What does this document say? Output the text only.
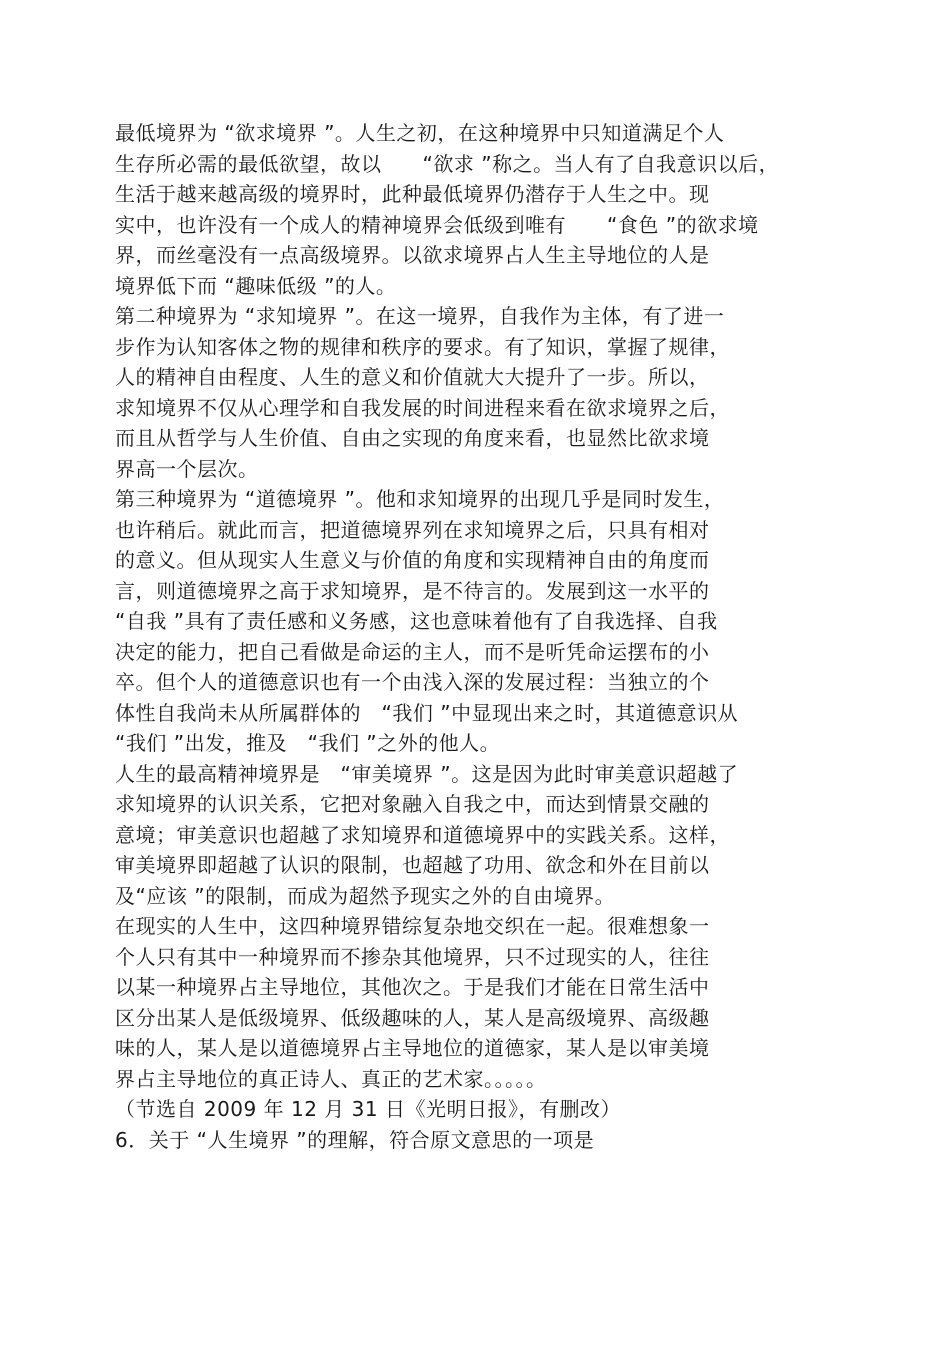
最低境界为 “欲求境界 ”。人生之初，在这种境界中只知道满足个人
生存所必需的最低欲望，故以　　“欲求 ”称之。当人有了自我意识以后，
生活于越来越高级的境界时，此种最低境界仍潜存于人生之中。现
实中，也许没有一个成人的精神境界会低级到唯有　　“食色 ”的欲求境
界，而丝毫没有一点高级境界。以欲求境界占人生主导地位的人是
境界低下而 “趣味低级 ”的人。
第二种境界为 “求知境界 ”。在这一境界，自我作为主体，有了进一
步作为认知客体之物的规律和秩序的要求。有了知识，掌握了规律，
人的精神自由程度、人生的意义和价值就大大提升了一步。所以，
求知境界不仅从心理学和自我发展的时间进程来看在欲求境界之后，
而且从哲学与人生价值、自由之实现的角度来看，也显然比欲求境
界高一个层次。
第三种境界为 “道德境界 ”。他和求知境界的出现几乎是同时发生，
也许稍后。就此而言，把道德境界列在求知境界之后，只具有相对
的意义。但从现实人生意义与价值的角度和实现精神自由的角度而
言，则道德境界之高于求知境界，是不待言的。发展到这一水平的
“自我 ”具有了责任感和义务感，这也意味着他有了自我选择、自我
决定的能力，把自己看做是命运的主人，而不是听凭命运摆布的小
卒。但个人的道德意识也有一个由浅入深的发展过程：当独立的个
体性自我尚未从所属群体的　“我们 ”中显现出来之时，其道德意识从
“我们 ”出发，推及　“我们 ”之外的他人。
人生的最高精神境界是　“审美境界 ”。这是因为此时审美意识超越了
求知境界的认识关系，它把对象融入自我之中，而达到情景交融的
意境；审美意识也超越了求知境界和道德境界中的实践关系。这样，
审美境界即超越了认识的限制，也超越了功用、欲念和外在目前以
及“应该 ”的限制，而成为超然予现实之外的自由境界。
在现实的人生中，这四种境界错综复杂地交织在一起。很难想象一
个人只有其中一种境界而不掺杂其他境界，只不过现实的人，往往
以某一种境界占主导地位，其他次之。于是我们才能在日常生活中
区分出某人是低级境界、低级趣味的人，某人是高级境界、高级趣
味的人，某人是以道德境界占主导地位的道德家，某人是以审美境
界占主导地位的真正诗人、真正的艺术家。。。。。
（节选自 2009 年 12 月 31 日《光明日报》，有删改）
6．关于 “人生境界 ”的理解，符合原文意思的一项是
